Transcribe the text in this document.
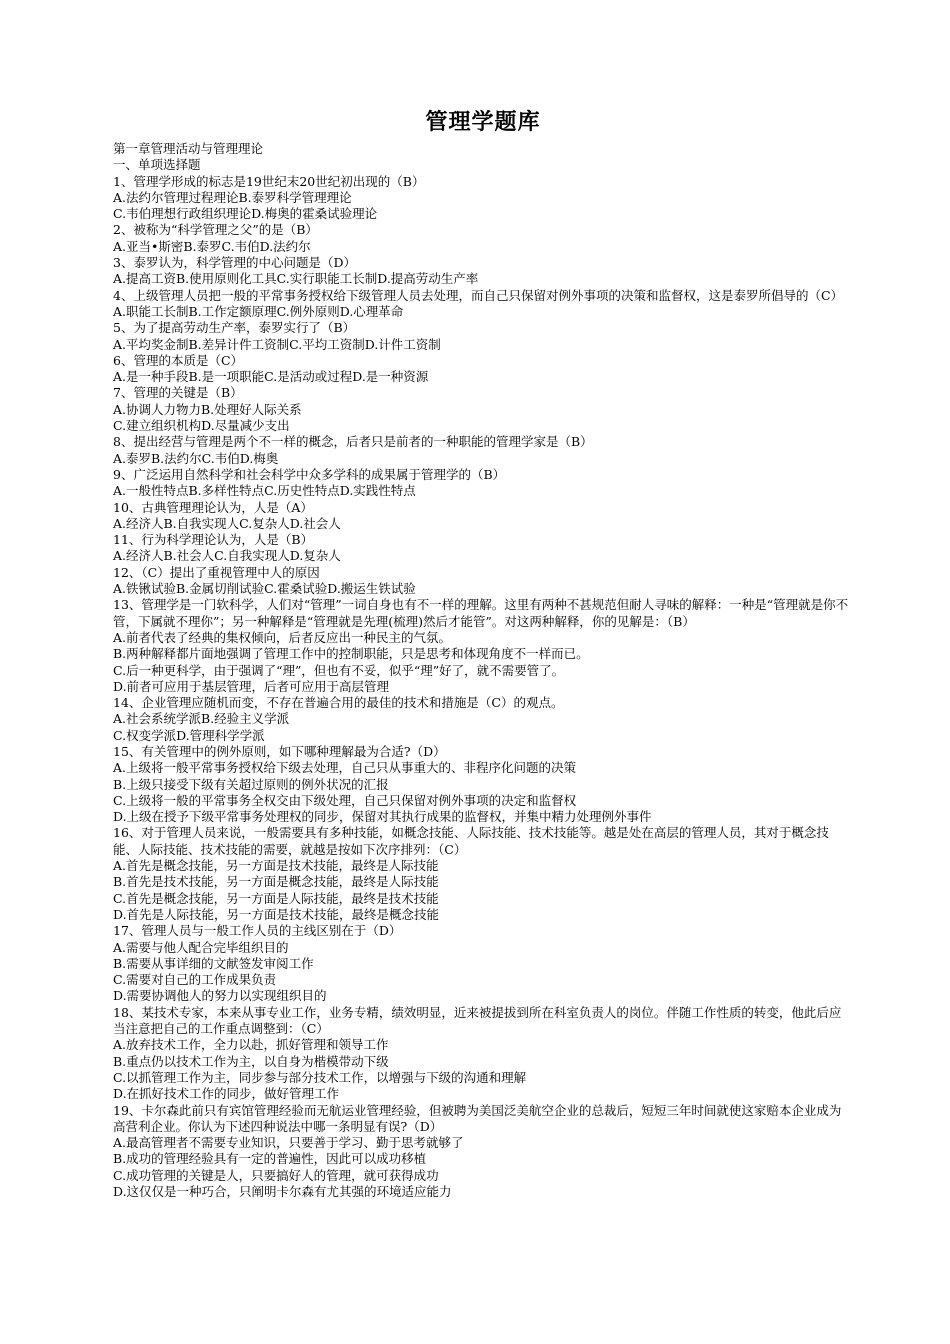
管理学题库

第一章管理活动与管理理论

一、单项选择题

1、管理学形成的标志是19世纪末20世纪初出现的（B）

A.法约尔管理过程理论B.泰罗科学管理理论

C.韦伯理想行政组织理论D.梅奥的霍桑试验理论

2、被称为“科学管理之父”的是（B）

A.亚当•斯密B.泰罗C.韦伯D.法约尔

3、泰罗认为，科学管理的中心问题是（D）

A.提高工资B.使用原则化工具C.实行职能工长制D.提高劳动生产率

4、上级管理人员把一般的平常事务授权给下级管理人员去处理，而自己只保留对例外事项的决策和监督权，这是泰罗所倡导的（C）

A.职能工长制B.工作定额原理C.例外原则D.心理革命

5、为了提高劳动生产率，泰罗实行了（B）

A.平均奖金制B.差异计件工资制C.平均工资制D.计件工资制

6、管理的本质是（C）

A.是一种手段B.是一项职能C.是活动或过程D.是一种资源

7、管理的关键是（B）

A.协调人力物力B.处理好人际关系

C.建立组织机构D.尽量减少支出

8、提出经营与管理是两个不一样的概念，后者只是前者的一种职能的管理学家是（B）

A.泰罗B.法约尔C.韦伯D.梅奥

9、广泛运用自然科学和社会科学中众多学科的成果属于管理学的（B）

A.一般性特点B.多样性特点C.历史性特点D.实践性特点

10、古典管理理论认为，人是（A）

A.经济人B.自我实现人C.复杂人D.社会人

11、行为科学理论认为，人是（B）

A.经济人B.社会人C.自我实现人D.复杂人

12、（C）提出了重视管理中人的原因

A.铁锹试验B.金属切削试验C.霍桑试验D.搬运生铁试验

13、管理学是一门软科学，人们对“管理”一词自身也有不一样的理解。这里有两种不甚规范但耐人寻味的解释：一种是“管理就是你不管，下属就不理你”；另一种解释是“管理就是先理(梳理)然后才能管”。对这两种解释，你的见解是：（B）

A.前者代表了经典的集权倾向，后者反应出一种民主的气氛。

B.两种解释都片面地强调了管理工作中的控制职能，只是思考和体现角度不一样而已。

C.后一种更科学，由于强调了“理”，但也有不妥，似乎“理”好了，就不需要管了。

D.前者可应用于基层管理，后者可应用于高层管理

14、企业管理应随机而变，不存在普遍合用的最佳的技术和措施是（C）的观点。

A.社会系统学派B.经验主义学派

C.权变学派D.管理科学学派

15、有关管理中的例外原则，如下哪种理解最为合适?（D）

A.上级将一般平常事务授权给下级去处理，自己只从事重大的、非程序化问题的决策

B.上级只接受下级有关超过原则的例外状况的汇报

C.上级将一般的平常事务全权交由下级处理，自己只保留对例外事项的决定和监督权

D.上级在授予下级平常事务处理权的同步，保留对其执行成果的监督权，并集中精力处理例外事件

16、对于管理人员来说，一般需要具有多种技能，如概念技能、人际技能、技术技能等。越是处在高层的管理人员，其对于概念技能、人际技能、技术技能的需要，就越是按如下次序排列：（C）

A.首先是概念技能，另一方面是技术技能，最终是人际技能

B.首先是技术技能，另一方面是概念技能，最终是人际技能

C.首先是概念技能，另一方面是人际技能，最终是技术技能

D.首先是人际技能，另一方面是技术技能，最终是概念技能

17、管理人员与一般工作人员的主线区别在于（D）

A.需要与他人配合完毕组织目的

B.需要从事详细的文献签发审阅工作

C.需要对自己的工作成果负责

D.需要协调他人的努力以实现组织目的

18、某技术专家，本来从事专业工作，业务专精，绩效明显，近来被提拔到所在科室负责人的岗位。伴随工作性质的转变，他此后应当注意把自己的工作重点调整到：（C）

A.放弃技术工作，全力以赴，抓好管理和领导工作

B.重点仍以技术工作为主，以自身为楷模带动下级

C.以抓管理工作为主，同步参与部分技术工作，以增强与下级的沟通和理解

D.在抓好技术工作的同步，做好管理工作

19、卡尔森此前只有宾馆管理经验而无航运业管理经验，但被聘为美国泛美航空企业的总裁后，短短三年时间就使这家赔本企业成为高营利企业。你认为下述四种说法中哪一条明显有误?（D）

A.最高管理者不需要专业知识，只要善于学习、勤于思考就够了

B.成功的管理经验具有一定的普遍性，因此可以成功移植

C.成功管理的关键是人，只要搞好人的管理，就可获得成功

D.这仅仅是一种巧合，只阐明卡尔森有尤其强的环境适应能力
